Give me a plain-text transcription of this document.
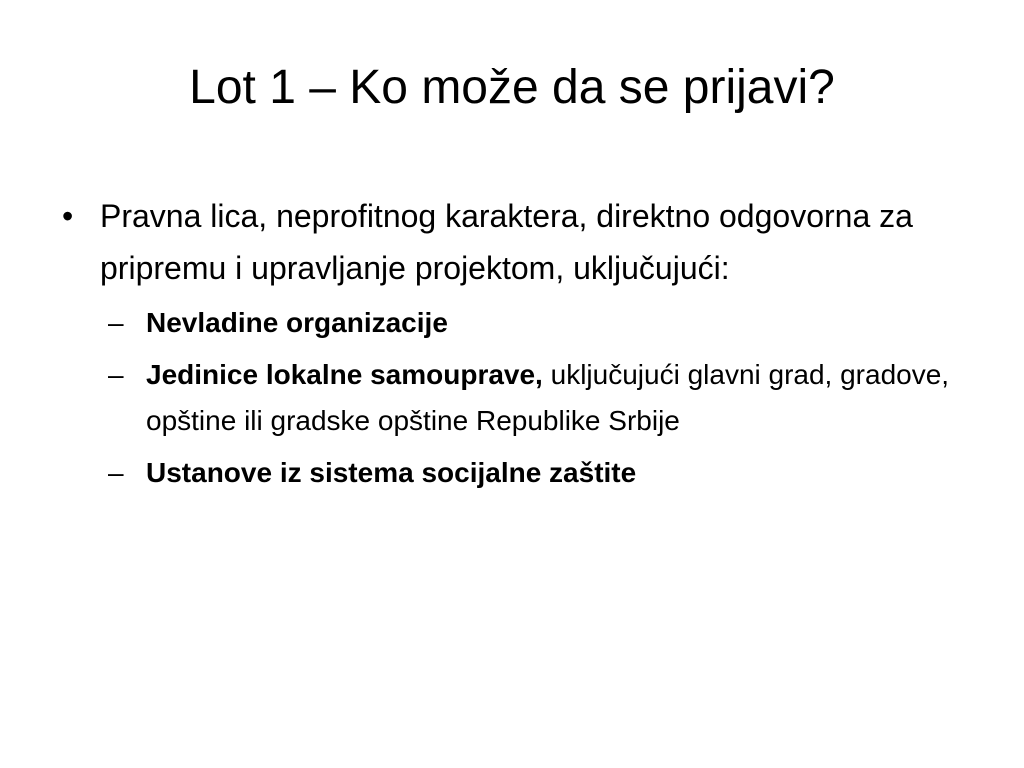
Lot 1 – Ko može da se prijavi?
• Pravna lica, neprofitnog karaktera, direktno odgovorna za pripremu i upravljanje projektom, uključujući:
– Nevladine organizacije
– Jedinice lokalne samouprave, uključujući glavni grad, gradove, opštine ili gradske opštine Republike Srbije
– Ustanove iz sistema socijalne zaštite
